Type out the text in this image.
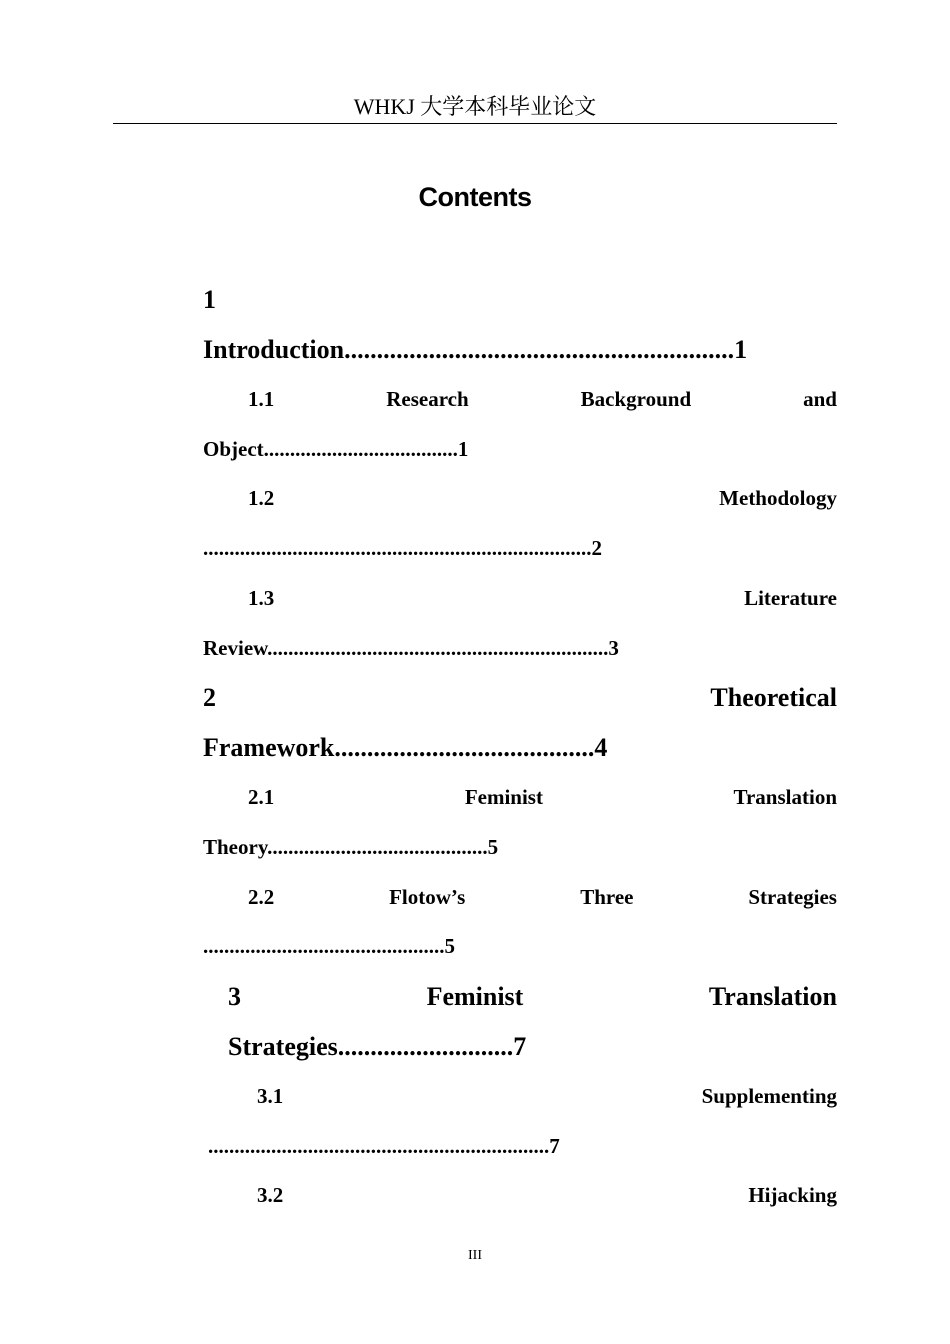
WHKJ 大学本科毕业论文
Contents
1
Introduction............................................................1
1.1	Research	Background	and
Object.....................................1
1.2	Methodology
..........................................................................2
1.3	Literature
Review.................................................................3
2	Theoretical
Framework........................................4
2.1	Feminist	Translation
Theory..........................................5
2.2	Flotow’s	Three	Strategies
..............................................5
3	Feminist	Translation
Strategies...........................7
3.1	Supplementing
.................................................................7
3.2	Hijacking
III
